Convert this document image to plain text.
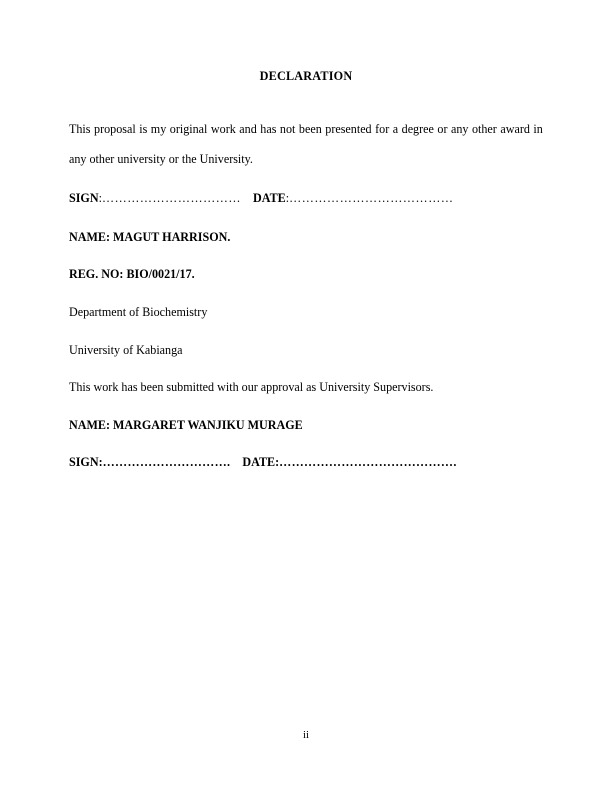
DECLARATION
This proposal is my original work and has not been presented for a degree or any other award in
any other university or the University.
SIGN:…………………………… DATE:…………………………………
NAME: MAGUT HARRISON.
REG. NO: BIO/0021/17.
Department of Biochemistry
University of Kabianga
This work has been submitted with our approval as University Supervisors.
NAME: MARGARET WANJIKU MURAGE
SIGN:…………………………. DATE:…………………………………….
ii
